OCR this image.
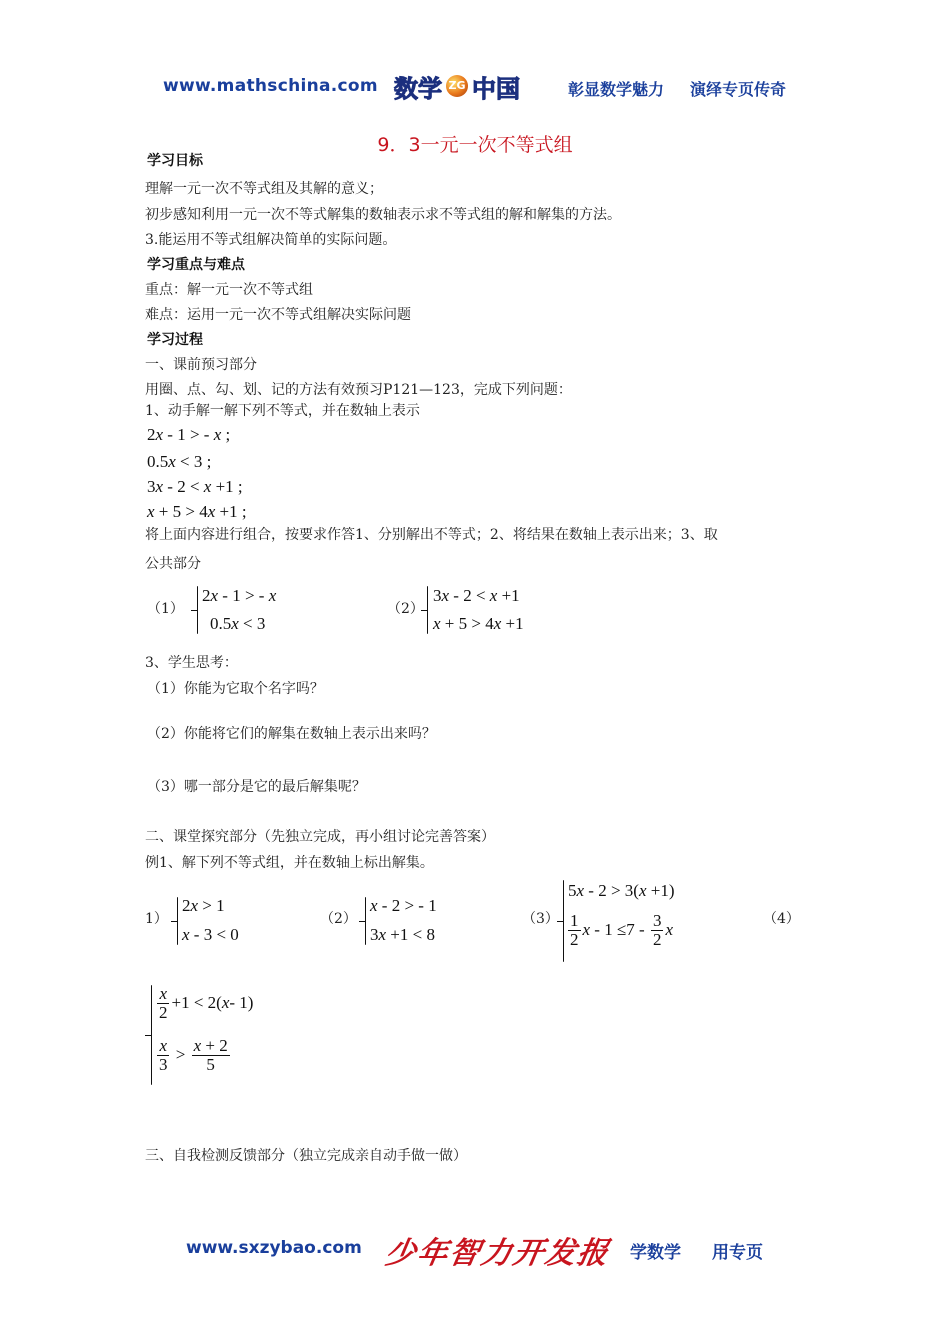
www.mathschina.com 数 学 ZG 中 国	彰显数学魅力 演绎专页传奇
9．3一元一次不等式组
学习目标
理解一元一次不等式组及其解的意义；
初步感知利用一元一次不等式解集的数轴表示求不等式组的解和解集的方法。
3.能运用不等式组解决简单的实际问题。
学习重点与难点
重点：解一元一次不等式组
难点：运用一元一次不等式组解决实际问题
学习过程
一、课前预习部分
用圈、点、勾、划、记的方法有效预习P121—123，完成下列问题：
1、动手解一解下列不等式，并在数轴上表示
2x - 1 > - x ;
0.5x < 3 ;
3x - 2 < x +1 ;
x + 5 > 4x +1 ;
将上面内容进行组合，按要求作答1、分别解出不等式；2、将结果在数轴上表示出来；3、取
公共部分
（1）
2x - 1 > - x
0.5x < 3
（2）
3x - 2 < x +1
x + 5 > 4x +1
3、学生思考：
（1）你能为它取个名字吗？
（2）你能将它们的解集在数轴上表示出来吗？
（3）哪一部分是它的最后解集呢？
二、课堂探究部分（先独立完成，再小组讨论完善答案）
例1、解下列不等式组，并在数轴上标出解集。
1）
2x > 1
x - 3 < 0
（2）
x - 2 > - 1
3x +1 < 8
（3）
5x - 2 > 3(x +1)
$\frac{1}{2}$ $x - 1 \le 7 - \frac{3}{2}$ x
（4）
$\frac{x}{2} +1 < 2$( x - 1)
$\frac{x}{3} > \frac{x + 2}{5}$
三、自我检测反馈部分（独立完成亲自动手做一做）
www.sxzybao.com 少年智力开发报 学数学 用专页
